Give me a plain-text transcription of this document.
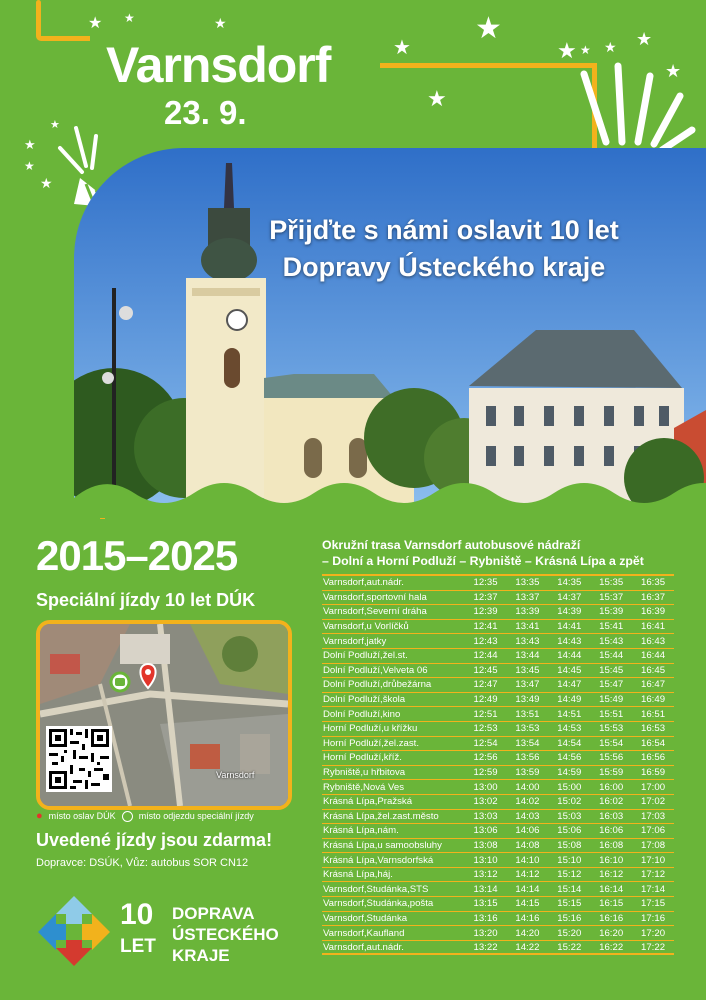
★ ★	★
★
★
★
★	★
★
★
★
★
★
★
★
Varnsdorf
23. 9.
Přijďte s námi oslavit 10 let
Dopravy Ústeckého kraje
2015–2025
Speciální jízdy 10 let DÚK
Varnsdorf
● místo oslav DÚK	místo odjezdu speciální jízdy
Uvedené jízdy jsou zdarma!
Dopravce: DSÚK, Vůz: autobus SOR CN12
10
LET
DOPRAVA
ÚSTECKÉHO
KRAJE
Okružní trasa Varnsdorf autobusové nádraží
– Dolní a Horní Podluží – Rybniště – Krásná Lípa a zpět
Varnsdorf,aut.nádr.	12:35	13:35	14:35	15:35	16:35
Varnsdorf,sportovní hala	12:37	13:37	14:37	15:37	16:37
Varnsdorf,Severní dráha	12:39	13:39	14:39	15:39	16:39
Varnsdorf,u Vorlíčků	12:41	13:41	14:41	15:41	16:41
Varnsdorf,jatky	12:43	13:43	14:43	15:43	16:43
Dolní Podluží,žel.st.	12:44	13:44	14:44	15:44	16:44
Dolní Podluží,Velveta 06	12:45	13:45	14:45	15:45	16:45
Dolní Podluží,drůbežárna	12:47	13:47	14:47	15:47	16:47
Dolní Podluží,škola	12:49	13:49	14:49	15:49	16:49
Dolní Podluží,kino	12:51	13:51	14:51	15:51	16:51
Horní Podluží,u křížku	12:53	13:53	14:53	15:53	16:53
Horní Podluží,žel.zast.	12:54	13:54	14:54	15:54	16:54
Horní Podluží,kříž.	12:56	13:56	14:56	15:56	16:56
Rybniště,u hřbitova	12:59	13:59	14:59	15:59	16:59
Rybniště,Nová Ves	13:00	14:00	15:00	16:00	17:00
Krásná Lípa,Pražská	13:02	14:02	15:02	16:02	17:02
Krásná Lípa,žel.zast.město	13:03	14:03	15:03	16:03	17:03
Krásná Lípa,nám.	13:06	14:06	15:06	16:06	17:06
Krásná Lípa,u samoobsluhy	13:08	14:08	15:08	16:08	17:08
Krásná Lípa,Varnsdorfská	13:10	14:10	15:10	16:10	17:10
Krásná Lípa,háj.	13:12	14:12	15:12	16:12	17:12
Varnsdorf,Studánka,STS	13:14	14:14	15:14	16:14	17:14
Varnsdorf,Studánka,pošta	13:15	14:15	15:15	16:15	17:15
Varnsdorf,Studánka	13:16	14:16	15:16	16:16	17:16
Varnsdorf,Kaufland	13:20	14:20	15:20	16:20	17:20
Varnsdorf,aut.nádr.	13:22	14:22	15:22	16:22	17:22
